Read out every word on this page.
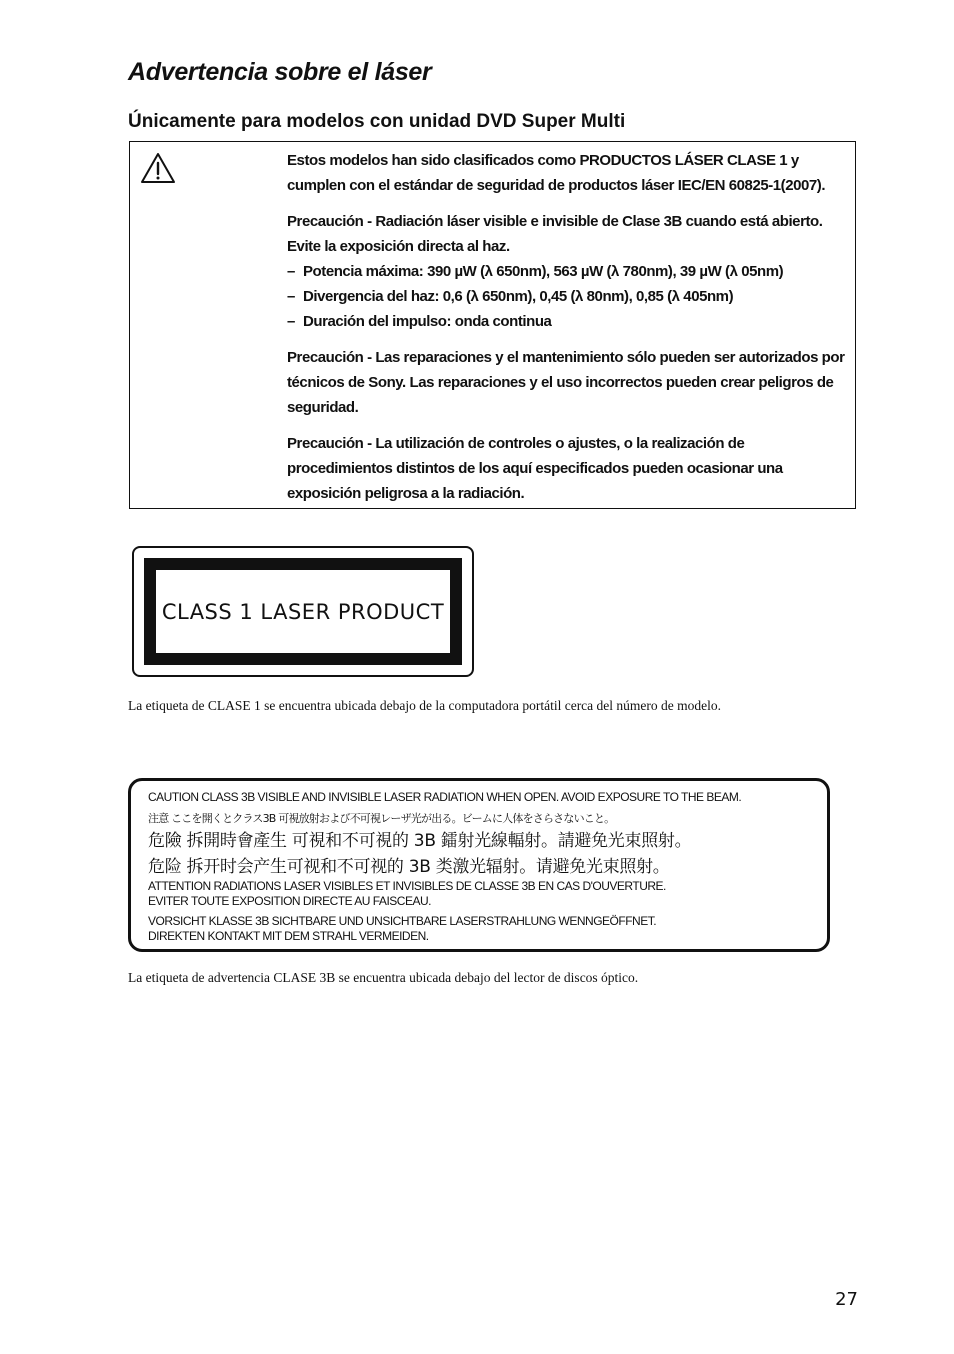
Advertencia sobre el láser
Únicamente para modelos con unidad DVD Super Multi

Estos modelos han sido clasificados como PRODUCTOS LÁSER CLASE 1 y cumplen con el estándar de seguridad de productos láser IEC/EN 60825-1(2007).

Precaución - Radiación láser visible e invisible de Clase 3B cuando está abierto. Evite la exposición directa al haz.
– Potencia máxima: 390 µW (λ 650nm), 563 µW (λ 780nm), 39 µW (λ 05nm)
– Divergencia del haz: 0,6 (λ 650nm), 0,45 (λ 80nm), 0,85 (λ 405nm)
– Duración del impulso: onda continua

Precaución - Las reparaciones y el mantenimiento sólo pueden ser autorizados por técnicos de Sony. Las reparaciones y el uso incorrectos pueden crear peligros de seguridad.

Precaución - La utilización de controles o ajustes, o la realización de procedimientos distintos de los aquí especificados pueden ocasionar una exposición peligrosa a la radiación.

CLASS 1 LASER PRODUCT

La etiqueta de CLASE 1 se encuentra ubicada debajo de la computadora portátil cerca del número de modelo.

CAUTION CLASS 3B VISIBLE AND INVISIBLE LASER RADIATION WHEN OPEN. AVOID EXPOSURE TO THE BEAM.
注意 ここを開くとクラス3B 可視放射および不可視レーザ光が出る。ビームに人体をさらさないこと。
危險 拆開時會產生 可視和不可視的 3B 鐳射光線輻射。請避免光束照射。
危险 拆开时会产生可视和不可视的 3B 类激光辐射。请避免光束照射。
ATTENTION RADIATIONS LASER VISIBLES ET INVISIBLES DE CLASSE 3B EN CAS D'OUVERTURE.
EVITER TOUTE EXPOSITION DIRECTE AU FAISCEAU.
VORSICHT KLASSE 3B SICHTBARE UND UNSICHTBARE LASERSTRAHLUNG WENNGEÖFFNET.
DIREKTEN KONTAKT MIT DEM STRAHL VERMEIDEN.

La etiqueta de advertencia CLASE 3B se encuentra ubicada debajo del lector de discos óptico.

27
